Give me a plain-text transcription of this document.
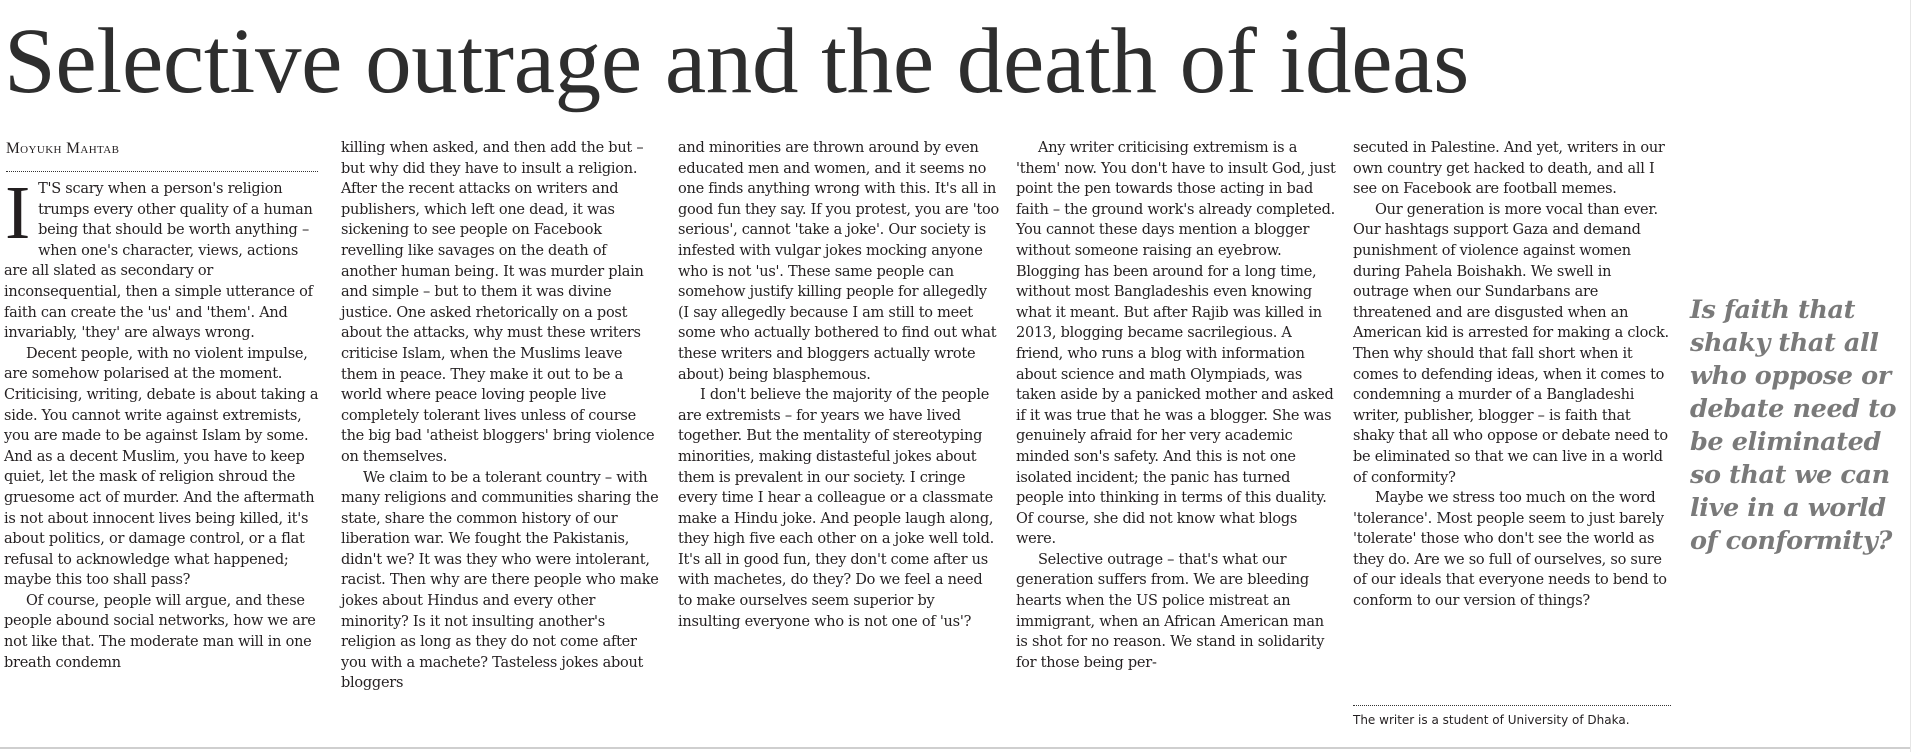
Selective outrage and the death of ideas
Moyukh Mahtab

I T'S scary when a person's religion trumps every other quality of a human being that should be worth anything – when one's character, views, actions are all slated as secondary or inconsequential, then a simple utterance of faith can create the 'us' and 'them'. And invariably, 'they' are always wrong.

Decent people, with no violent impulse, are somehow polarised at the moment. Criticising, writing, debate is about taking a side. You cannot write against extremists, you are made to be against Islam by some. And as a decent Muslim, you have to keep quiet, let the mask of religion shroud the gruesome act of murder. And the aftermath is not about innocent lives being killed, it's about politics, or damage control, or a flat refusal to acknowledge what happened; maybe this too shall pass?

Of course, people will argue, and these people abound social networks, how we are not like that. The moderate man will in one breath condemn

killing when asked, and then add the but – but why did they have to insult a religion. After the recent attacks on writers and publishers, which left one dead, it was sickening to see people on Facebook revelling like savages on the death of another human being. It was murder plain and simple – but to them it was divine justice. One asked rhetorically on a post about the attacks, why must these writers criticise Islam, when the Muslims leave them in peace. They make it out to be a world where peace loving people live completely tolerant lives unless of course the big bad 'atheist bloggers' bring violence on themselves.

We claim to be a tolerant country – with many religions and communities sharing the state, share the common history of our liberation war. We fought the Pakistanis, didn't we? It was they who were intolerant, racist. Then why are there people who make jokes about Hindus and every other minority? Is it not insulting another's religion as long as they do not come after you with a machete? Tasteless jokes about bloggers

and minorities are thrown around by even educated men and women, and it seems no one finds anything wrong with this. It's all in good fun they say. If you protest, you are 'too serious', cannot 'take a joke'. Our society is infested with vulgar jokes mocking anyone who is not 'us'. These same people can somehow justify killing people for allegedly (I say allegedly because I am still to meet some who actually bothered to find out what these writers and bloggers actually wrote about) being blasphemous.

I don't believe the majority of the people are extremists – for years we have lived together. But the mentality of stereotyping minorities, making distasteful jokes about them is prevalent in our society. I cringe every time I hear a colleague or a classmate make a Hindu joke. And people laugh along, they high five each other on a joke well told. It's all in good fun, they don't come after us with machetes, do they? Do we feel a need to make ourselves seem superior by insulting everyone who is not one of 'us'?

Any writer criticising extremism is a 'them' now. You don't have to insult God, just point the pen towards those acting in bad faith – the ground work's already completed. You cannot these days mention a blogger without someone raising an eyebrow. Blogging has been around for a long time, without most Bangladeshis even knowing what it meant. But after Rajib was killed in 2013, blogging became sacrilegious. A friend, who runs a blog with information about science and math Olympiads, was taken aside by a panicked mother and asked if it was true that he was a blogger. She was genuinely afraid for her very academic minded son's safety. And this is not one isolated incident; the panic has turned people into thinking in terms of this duality. Of course, she did not know what blogs were.

Selective outrage – that's what our generation suffers from. We are bleeding hearts when the US police mistreat an immigrant, when an African American man is shot for no reason. We stand in solidarity for those being per-

secuted in Palestine. And yet, writers in our own country get hacked to death, and all I see on Facebook are football memes.

Our generation is more vocal than ever. Our hashtags support Gaza and demand punishment of violence against women during Pahela Boishakh. We swell in outrage when our Sundarbans are threatened and are disgusted when an American kid is arrested for making a clock. Then why should that fall short when it comes to defending ideas, when it comes to condemning a murder of a Bangladeshi writer, publisher, blogger – is faith that shaky that all who oppose or debate need to be eliminated so that we can live in a world of conformity?

Maybe we stress too much on the word 'tolerance'. Most people seem to just barely 'tolerate' those who don't see the world as they do. Are we so full of ourselves, so sure of our ideals that everyone needs to bend to conform to our version of things?

The writer is a student of University of Dhaka.
Is faith that shaky that all who oppose or debate need to be eliminated so that we can live in a world of conformity?
